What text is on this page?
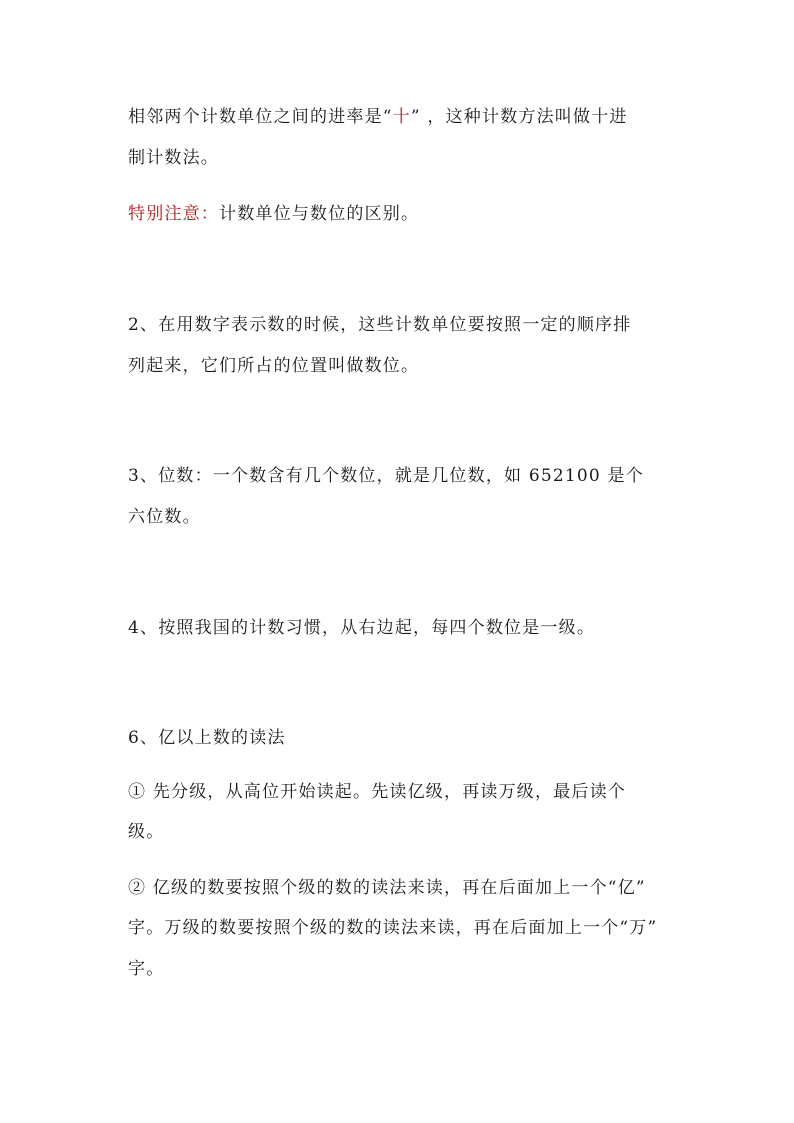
相邻两个计数单位之间的进率是“十” ，这种计数方法叫做十进
制计数法。
特别注意：计数单位与数位的区别。
2、在用数字表示数的时候，这些计数单位要按照一定的顺序排
列起来，它们所占的位置叫做数位。
3、位数：一个数含有几个数位，就是几位数，如 652100 是个
六位数。
4、按照我国的计数习惯，从右边起，每四个数位是一级。
6、亿以上数的读法
① 先分级，从高位开始读起。先读亿级，再读万级，最后读个
级。
② 亿级的数要按照个级的数的读法来读，再在后面加上一个“亿”
字。万级的数要按照个级的数的读法来读，再在后面加上一个“万”
字。
